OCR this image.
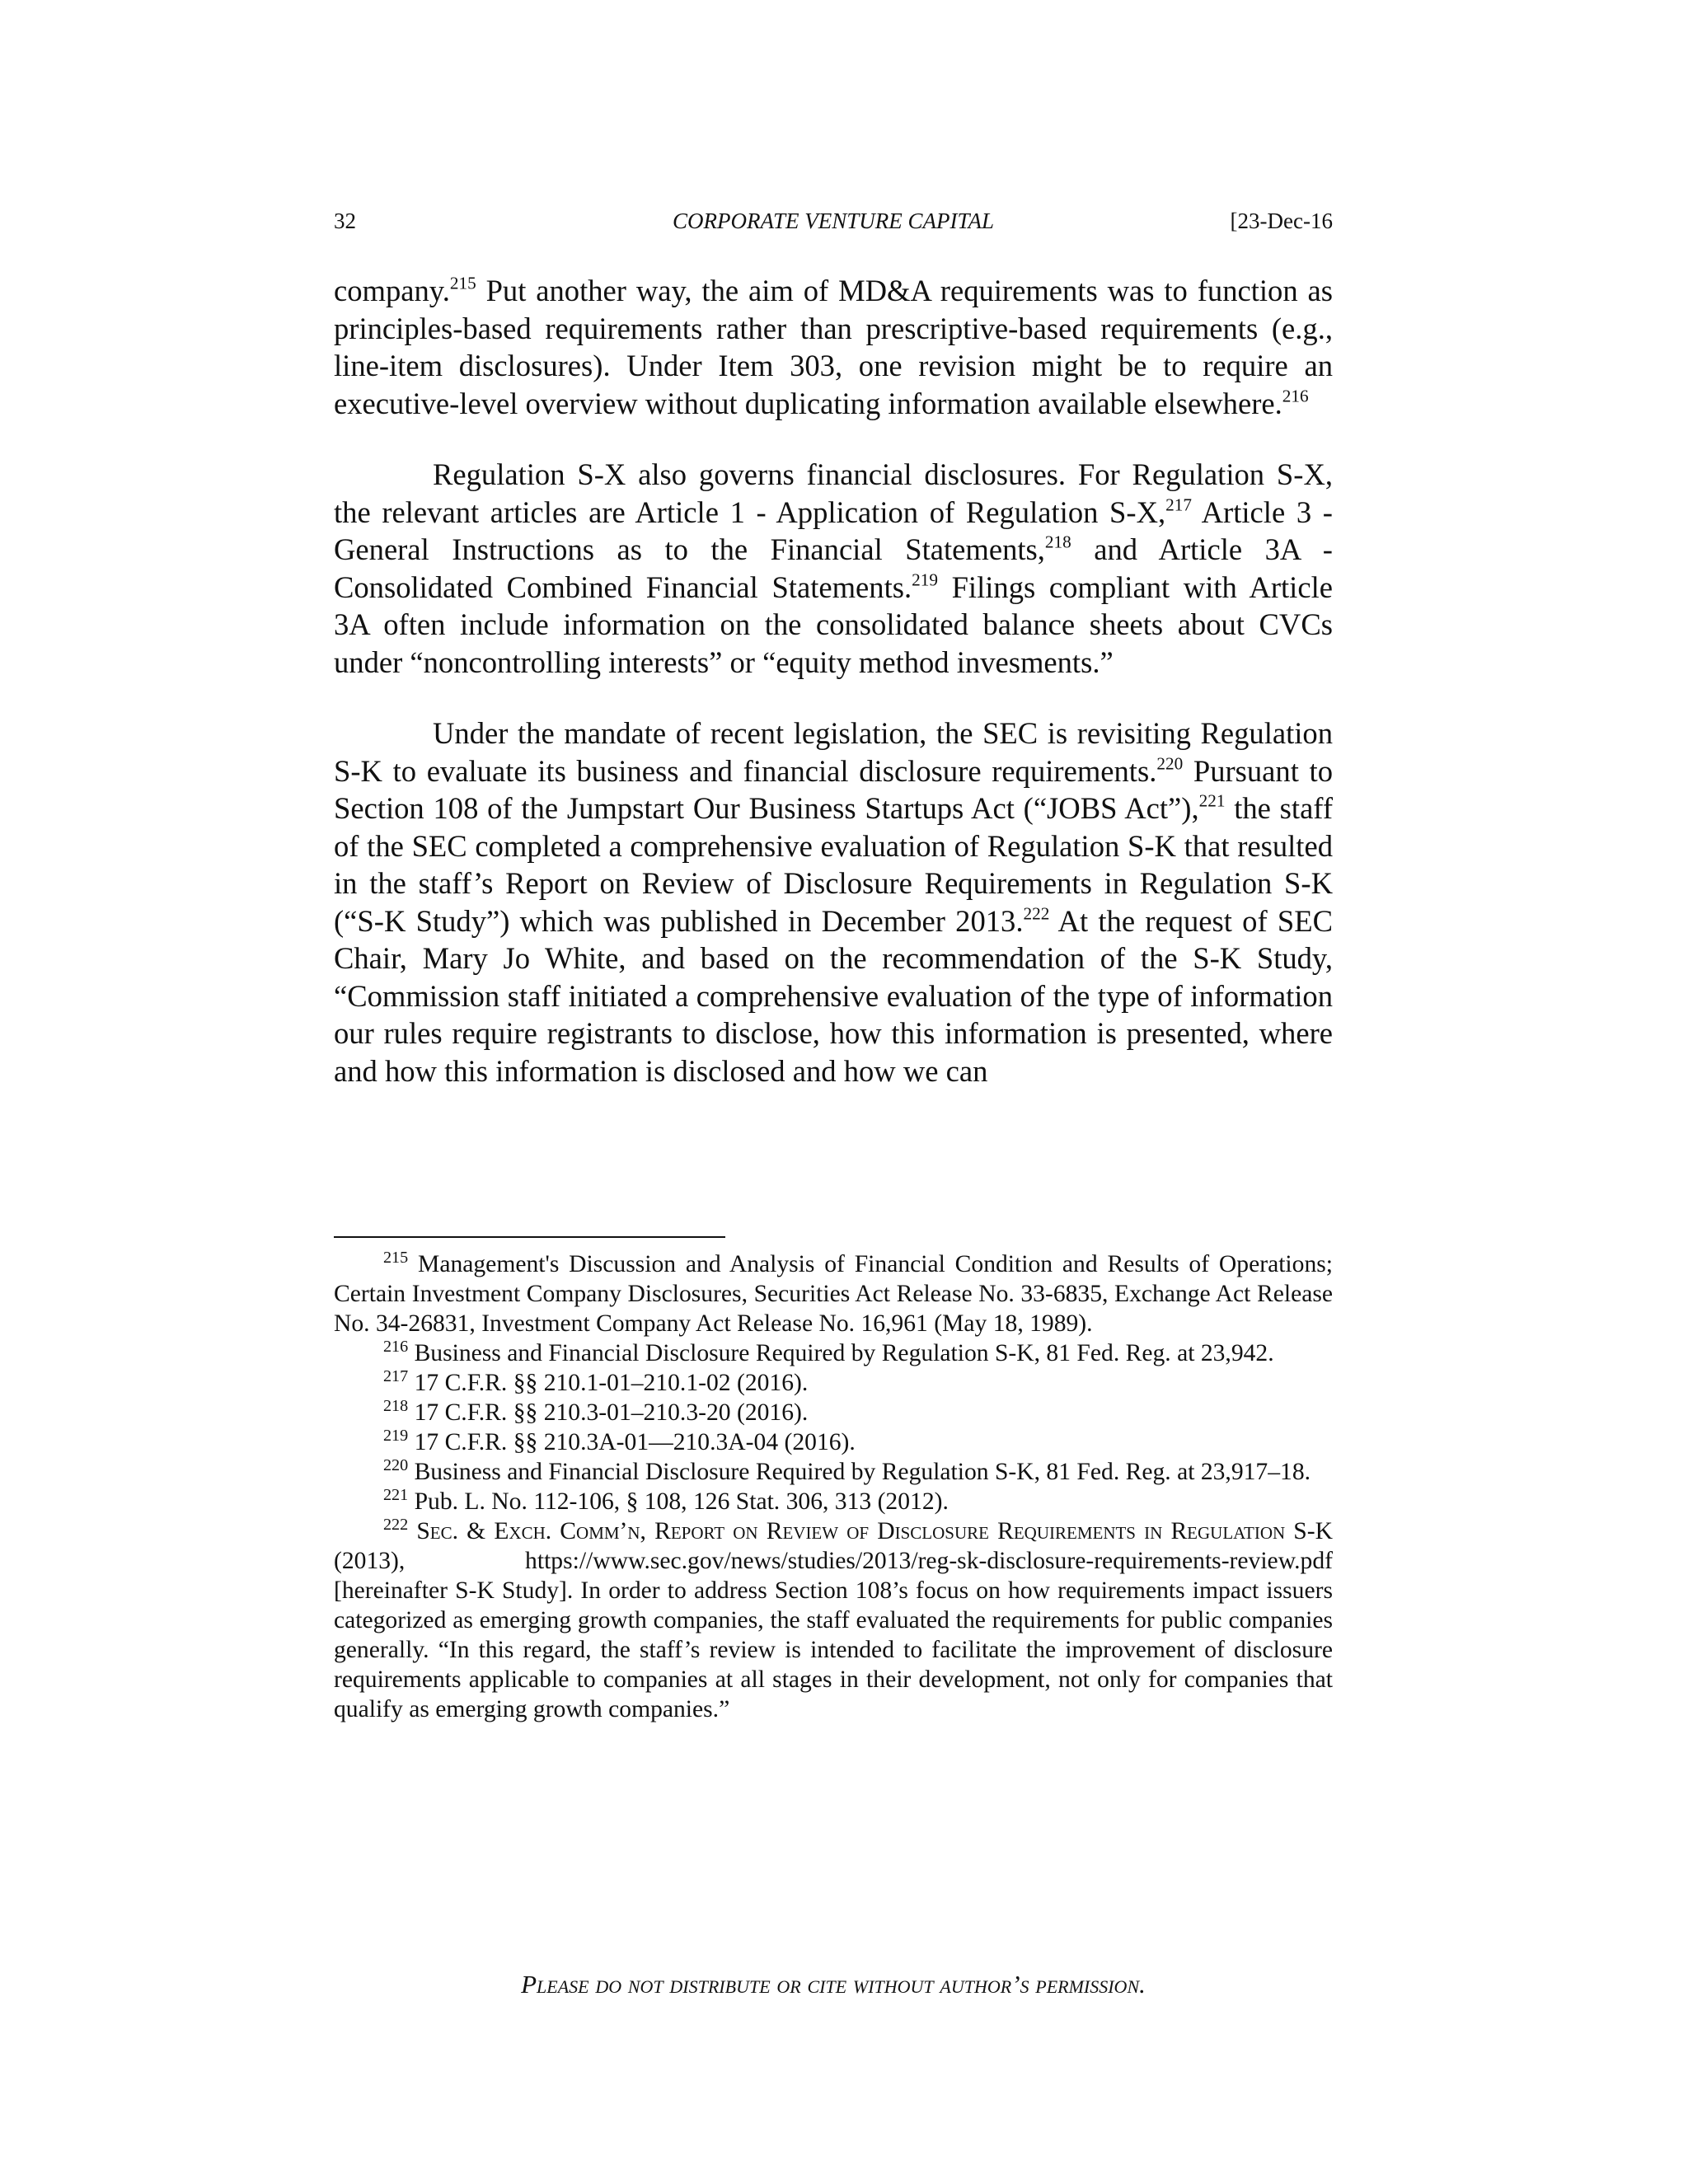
CORPORATE VENTURE CAPITAL
32	[23-Dec-16

company.$^{215}$ Put another way, the aim of MD&A requirements was to function as principles-based requirements rather than prescriptive-based requirements (e.g., line-item disclosures). Under Item 303, one revision might be to require an executive-level overview without duplicating information available elsewhere.$^{216}$

Regulation S-X also governs financial disclosures. For Regulation S-X, the relevant articles are Article 1 - Application of Regulation S-X,$^{217}$ Article 3 - General Instructions as to the Financial Statements,$^{218}$ and Article 3A - Consolidated Combined Financial Statements.$^{219}$ Filings compliant with Article 3A often include information on the consolidated balance sheets about CVCs under “noncontrolling interests” or “equity method invesments.”

Under the mandate of recent legislation, the SEC is revisiting Regulation S-K to evaluate its business and financial disclosure requirements.$^{220}$ Pursuant to Section 108 of the Jumpstart Our Business Startups Act (“JOBS Act”),$^{221}$ the staff of the SEC completed a comprehensive evaluation of Regulation S-K that resulted in the staff’s Report on Review of Disclosure Requirements in Regulation S-K (“S-K Study”) which was published in December 2013.$^{222}$ At the request of SEC Chair, Mary Jo White, and based on the recommendation of the S-K Study, “Commission staff initiated a comprehensive evaluation of the type of information our rules require registrants to disclose, how this information is presented, where and how this information is disclosed and how we can

$^{215}$ Management's Discussion and Analysis of Financial Condition and Results of Operations; Certain Investment Company Disclosures, Securities Act Release No. 33-6835, Exchange Act Release No. 34-26831, Investment Company Act Release No. 16,961 (May 18, 1989).

$^{216}$ Business and Financial Disclosure Required by Regulation S-K, 81 Fed. Reg. at 23,942.

$^{217}$ 17 C.F.R. §§ 210.1-01–210.1-02 (2016).

$^{218}$ 17 C.F.R. §§ 210.3-01–210.3-20 (2016).

$^{219}$ 17 C.F.R. §§ 210.3A-01—210.3A-04 (2016).

$^{220}$ Business and Financial Disclosure Required by Regulation S-K, 81 Fed. Reg. at 23,917–18.

$^{221}$ Pub. L. No. 112-106, § 108, 126 Stat. 306, 313 (2012).

$^{222}$ Sec. & Exch. Comm’n, Report on Review of Disclosure Requirements in Regulation S-K (2013), https://www.sec.gov/news/studies/2013/reg-sk-disclosure-requirements-review.pdf [hereinafter S-K Study]. In order to address Section 108’s focus on how requirements impact issuers categorized as emerging growth companies, the staff evaluated the requirements for public companies generally. “In this regard, the staff’s review is intended to facilitate the improvement of disclosure requirements applicable to companies at all stages in their development, not only for companies that qualify as emerging growth companies.”

Please do not distribute or cite without author’s permission.
